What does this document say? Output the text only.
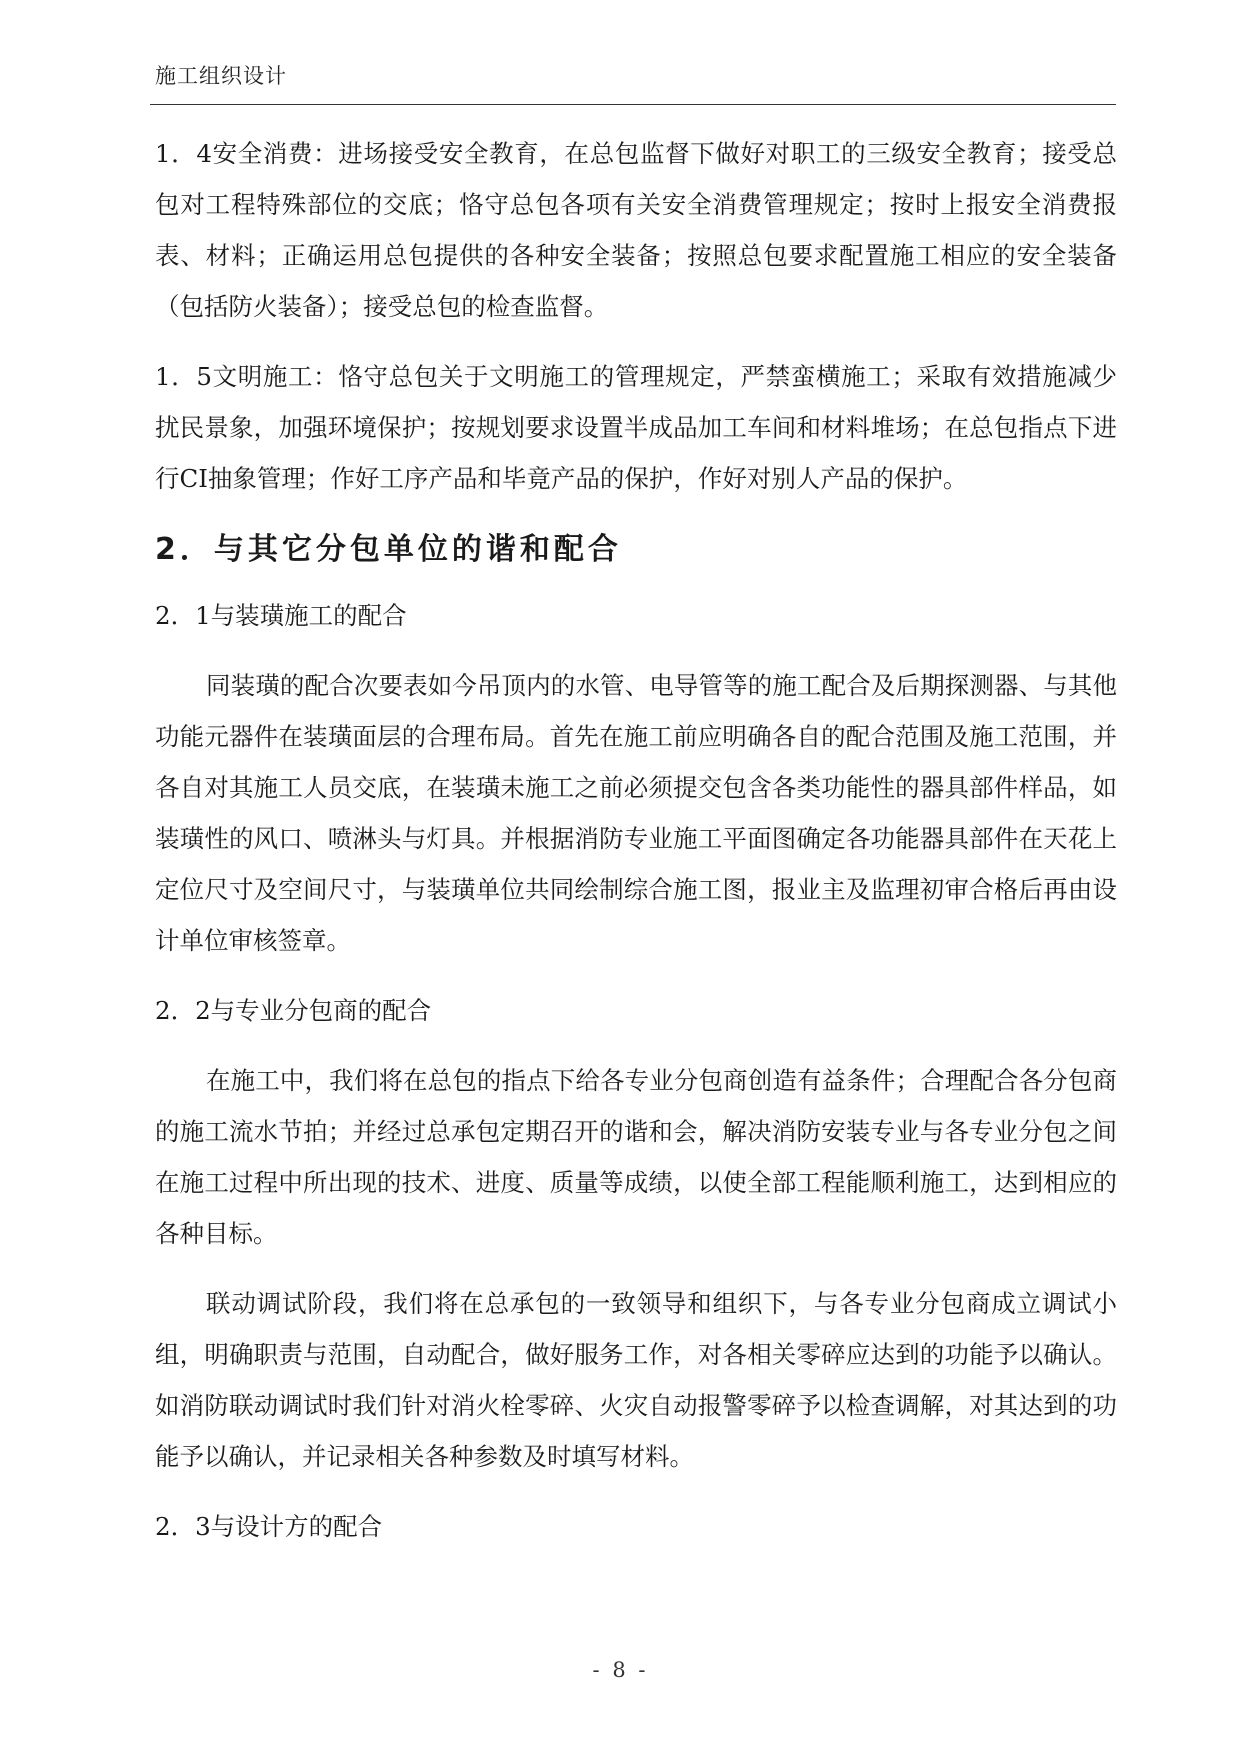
施工组织设计

1．4安全消费：进场接受安全教育，在总包监督下做好对职工的三级安全教育；接受总包对工程特殊部位的交底；恪守总包各项有关安全消费管理规定；按时上报安全消费报表、材料；正确运用总包提供的各种安全装备；按照总包要求配置施工相应的安全装备（包括防火装备）；接受总包的检查监督。

1．5文明施工：恪守总包关于文明施工的管理规定，严禁蛮横施工；采取有效措施减少扰民景象，加强环境保护；按规划要求设置半成品加工车间和材料堆场；在总包指点下进行CI抽象管理；作好工序产品和毕竟产品的保护，作好对别人产品的保护。

2．与其它分包单位的谐和配合

2．1与装璜施工的配合

同装璜的配合次要表如今吊顶内的水管、电导管等的施工配合及后期探测器、与其他功能元器件在装璜面层的合理布局。首先在施工前应明确各自的配合范围及施工范围，并各自对其施工人员交底，在装璜未施工之前必须提交包含各类功能性的器具部件样品，如装璜性的风口、喷淋头与灯具。并根据消防专业施工平面图确定各功能器具部件在天花上定位尺寸及空间尺寸，与装璜单位共同绘制综合施工图，报业主及监理初审合格后再由设计单位审核签章。

2．2与专业分包商的配合

在施工中，我们将在总包的指点下给各专业分包商创造有益条件；合理配合各分包商的施工流水节拍；并经过总承包定期召开的谐和会，解决消防安装专业与各专业分包之间在施工过程中所出现的技术、进度、质量等成绩，以使全部工程能顺利施工，达到相应的各种目标。

联动调试阶段，我们将在总承包的一致领导和组织下，与各专业分包商成立调试小组，明确职责与范围，自动配合，做好服务工作，对各相关零碎应达到的功能予以确认。如消防联动调试时我们针对消火栓零碎、火灾自动报警零碎予以检查调解，对其达到的功能予以确认，并记录相关各种参数及时填写材料。

2．3与设计方的配合

- 8 -
